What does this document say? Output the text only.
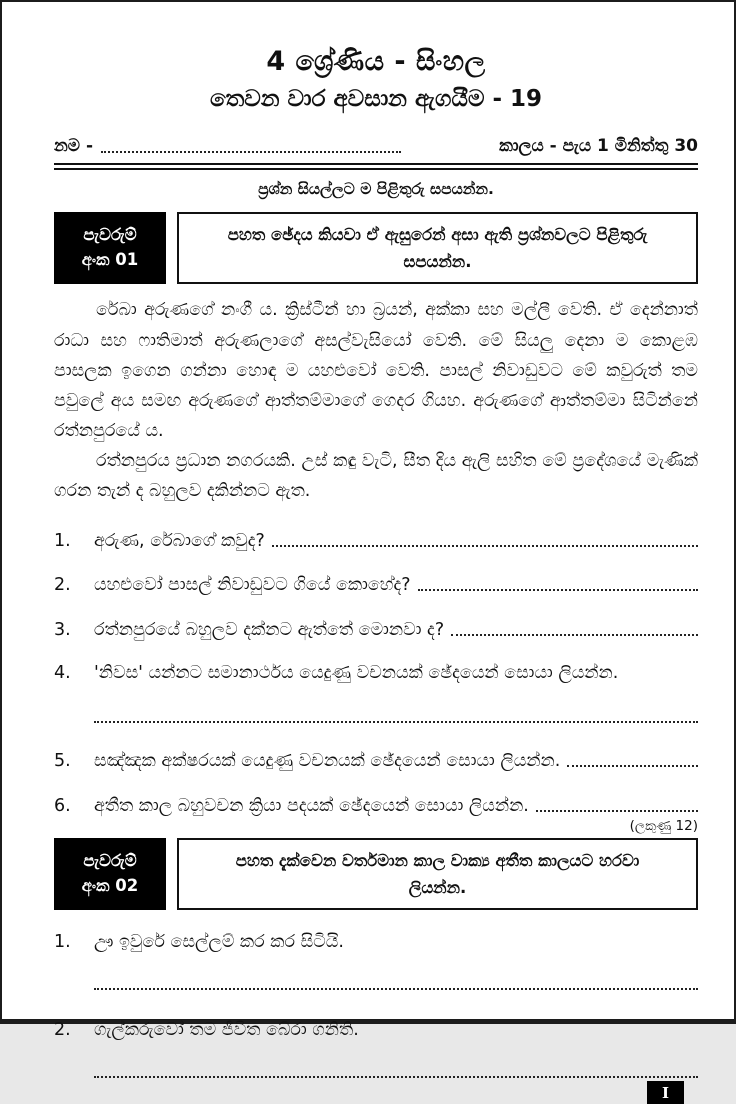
4 ශ්‍රේණිය - සිංහල
තෙවන වාර අවසාන ඇගයීම - 19
නම -	කාලය - පැය 1 මිනිත්තු 30
ප්‍රශ්න සියල්ලට ම පිළිතුරු සපයන්න.
පැවරුම්
අංක 01
පහත ඡේදය කියවා ඒ ඇසුරෙන් අසා ඇති ප්‍රශ්නවලට පිළිතුරු සපයන්න.

රේබා අරුණගේ නංගී ය. ක්‍රිස්ටීන් හා බ්‍රයන්, අක්කා සහ මල්ලී වෙති. ඒ දෙන්නාත් රාධා සහ ෆාතිමාත් අරුණලාගේ අසල්වැසියෝ වෙති. මේ සියලු දෙනා ම කොළඹ පාසලක ඉගෙන ගන්නා හොඳ ම යහළුවෝ වෙති. පාසල් නිවාඩුවට මේ කවුරුත් තම පවුලේ අය සමඟ අරුණගේ ආත්තම්මාගේ ගෙදර ගියහ. අරුණගේ ආත්තම්මා සිටින්නේ රත්නපුරයේ ය.

රත්නපුරය ප්‍රධාන නගරයකි. උස් කඳු වැටි, සීත දිය ඇලි සහිත මේ ප්‍රදේශයේ මැණික් ගරන තැන් ද බහුලව දකින්නට ඇත.

1.	අරුණ, රේබාගේ කවුද?
2.	යහළුවෝ පාසල් නිවාඩුවට ගියේ කොහේද?
3.	රත්නපුරයේ බහුලව දක්නට ඇත්තේ මොනවා ද?
4.	'නිවස' යන්නට සමානාර්ථය යෙදුණු වචනයක් ඡේදයෙන් සොයා ලියන්න.
5.	සඤ්ඤක අක්ෂරයක් යෙදුණු වචනයක් ඡේදයෙන් සොයා ලියන්න.
6.	අතීත කාල බහුවචන ක්‍රියා පදයක් ඡේදයෙන් සොයා ලියන්න.
(ලකුණු 12)
පැවරුම්
අංක 02
පහත දැක්වෙන වර්තමාන කාල වාක්‍ය අතීත කාලයට හරවා ලියන්න.
1.	ඌ ඉවුරේ සෙල්ලම් කර කර සිටියි.
2.	ගැල්කරුවෝ තම ජීවිත බේරා ගනිති.
I
